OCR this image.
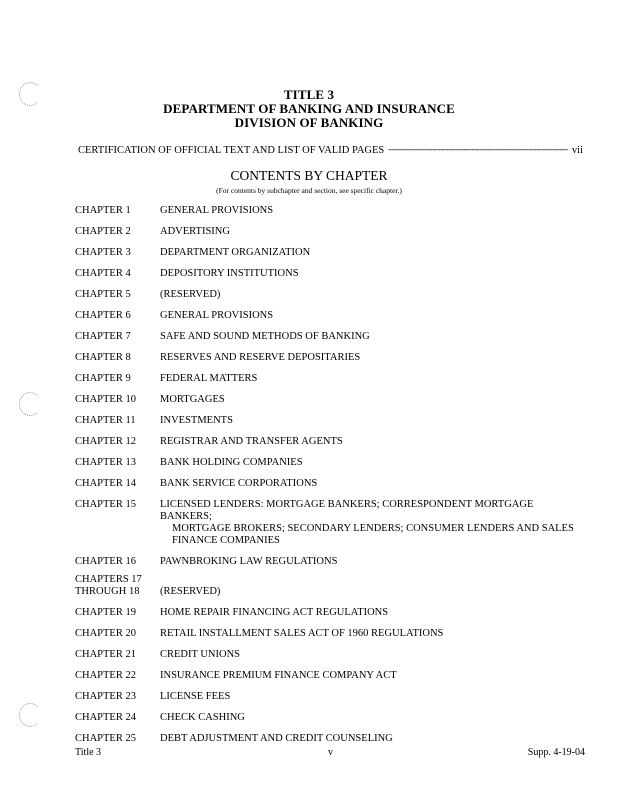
TITLE 3
DEPARTMENT OF BANKING AND INSURANCE
DIVISION OF BANKING
CERTIFICATION OF OFFICIAL TEXT AND LIST OF VALID PAGES
-----	vii
CONTENTS BY CHAPTER
(For contents by subchapter and section, see specific chapter.)
CHAPTER 1	GENERAL PROVISIONS
CHAPTER 2	ADVERTISING
CHAPTER 3	DEPARTMENT ORGANIZATION
CHAPTER 4	DEPOSITORY INSTITUTIONS
CHAPTER 5	(RESERVED)
CHAPTER 6	GENERAL PROVISIONS
CHAPTER 7	SAFE AND SOUND METHODS OF BANKING
CHAPTER 8	RESERVES AND RESERVE DEPOSITARIES
CHAPTER 9	FEDERAL MATTERS
CHAPTER 10	MORTGAGES
CHAPTER 11	INVESTMENTS
CHAPTER 12	REGISTRAR AND TRANSFER AGENTS
CHAPTER 13	BANK HOLDING COMPANIES
CHAPTER 14	BANK SERVICE CORPORATIONS
CHAPTER 15	LICENSED LENDERS: MORTGAGE BANKERS; CORRESPONDENT MORTGAGE BANKERS;
MORTGAGE BROKERS; SECONDARY LENDERS; CONSUMER LENDERS AND SALES
FINANCE COMPANIES
CHAPTER 16	PAWNBROKING LAW REGULATIONS
CHAPTERS 17
THROUGH 18	(RESERVED)
CHAPTER 19	HOME REPAIR FINANCING ACT REGULATIONS
CHAPTER 20	RETAIL INSTALLMENT SALES ACT OF 1960 REGULATIONS
CHAPTER 21	CREDIT UNIONS
CHAPTER 22	INSURANCE PREMIUM FINANCE COMPANY ACT
CHAPTER 23	LICENSE FEES
CHAPTER 24	CHECK CASHING
CHAPTER 25	DEBT ADJUSTMENT AND CREDIT COUNSELING
Title 3	v	Supp. 4-19-04
